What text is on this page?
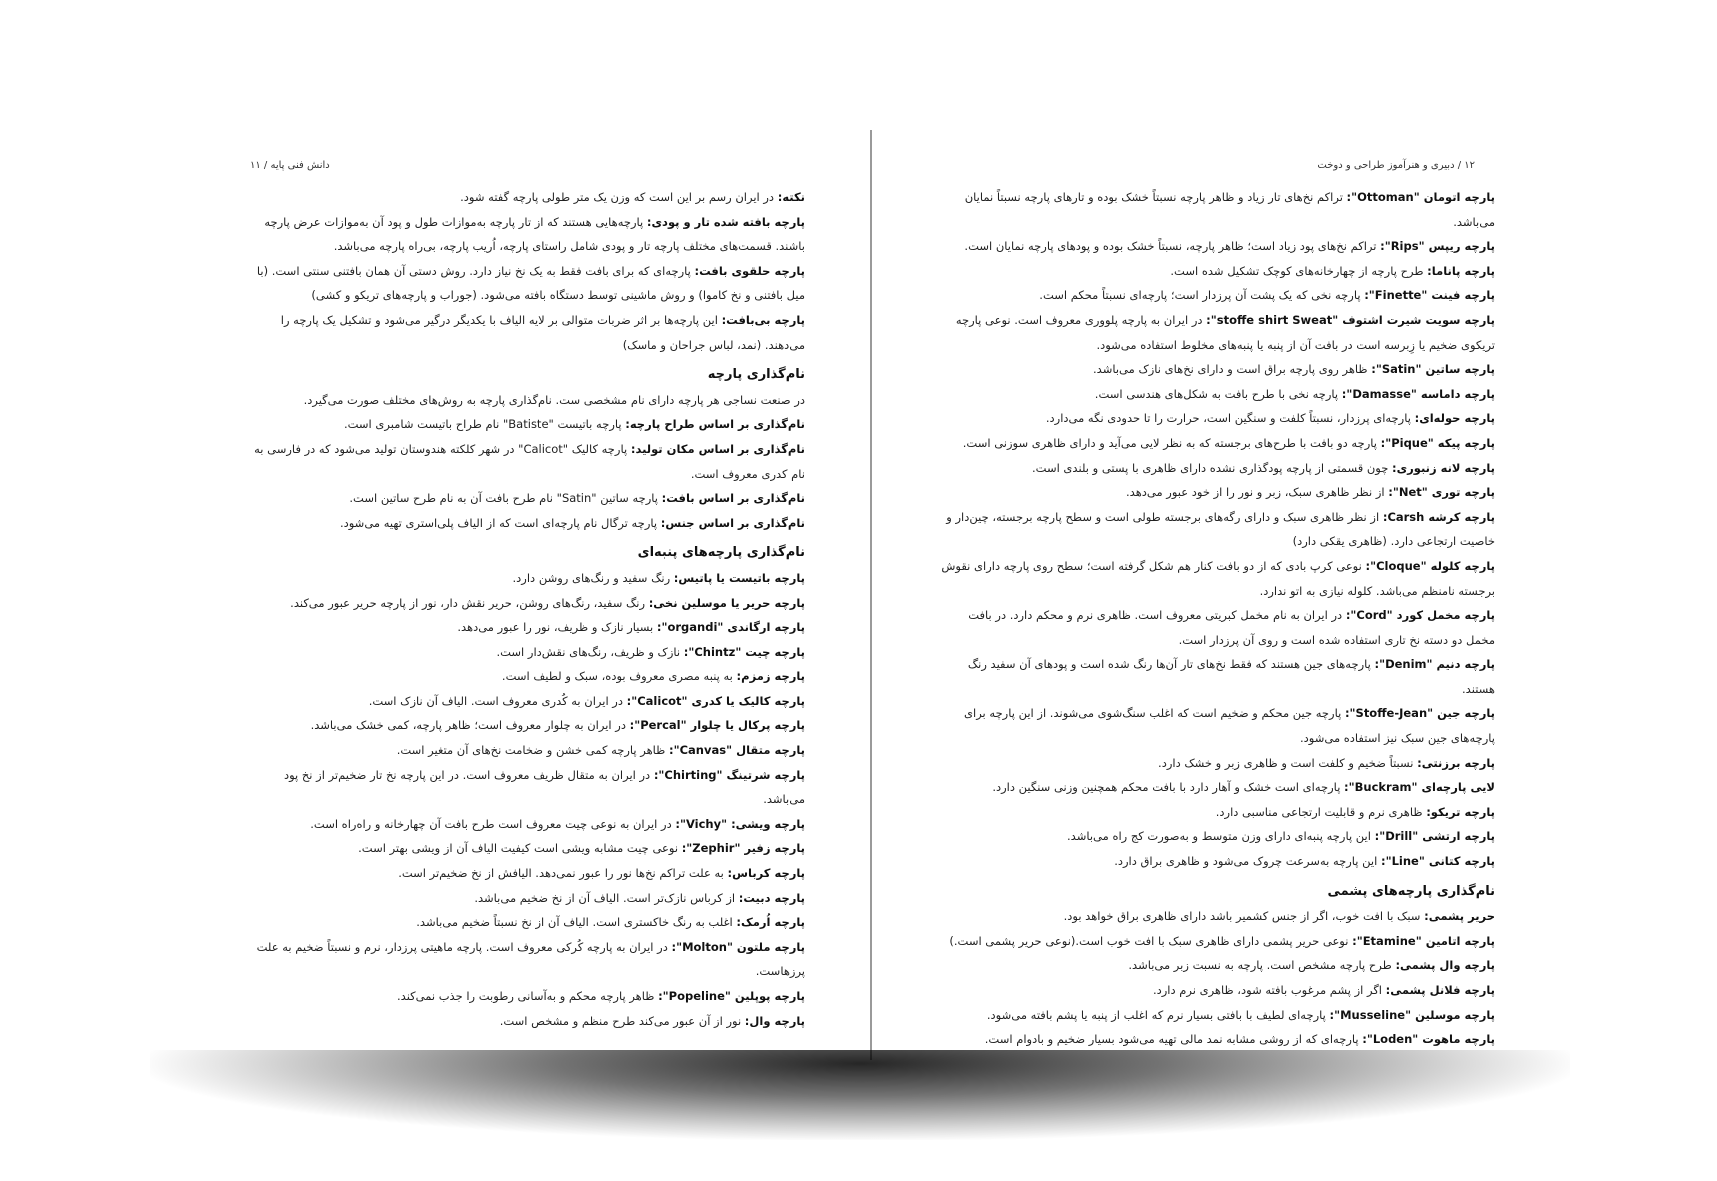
دانش فنی پایه / ۱۱
نکته: در ایران رسم بر این است که وزن یک متر طولی پارچه گفته شود.
پارچه بافته شده تار و پودی: پارچه‌هایی هستند که از تار پارچه به‌موازات طول و پود آن به‌موازات عرض پارچه باشند. قسمت‌های مختلف پارچه تار و پودی شامل راستای پارچه، اُریب پارچه، بی‌راه پارچه می‌باشد.
پارچه حلقوی بافت: پارچه‌ای که برای بافت فقط به یک نخ نیاز دارد. روش دستی آن همان بافتنی سنتی است. (با میل بافتنی و نخ کاموا) و روش ماشینی توسط دستگاه بافته می‌شود. (جوراب و پارچه‌های تریکو و کشی)
پارچه بی‌بافت: این پارچه‌ها بر اثر ضربات متوالی بر لایه الیاف با یکدیگر درگیر می‌شود و تشکیل یک پارچه را می‌دهند. (نمد، لباس جراحان و ماسک)
نام‌گذاری پارچه
در صنعت نساجی هر پارچه دارای نام مشخصی ست. نام‌گذاری پارچه به روش‌های مختلف صورت می‌گیرد.
نام‌گذاری بر اساس طراح پارچه: پارچه باتیست "Batiste" نام طراح باتیست شامبری است.
نام‌گذاری بر اساس مکان تولید: پارچه کالیک "Calicot" در شهر کلکته هندوستان تولید می‌شود که در فارسی به نام کدری معروف است.
نام‌گذاری بر اساس بافت: پارچه ساتین "Satin" نام طرح بافت آن به نام طرح ساتین است.
نام‌گذاری بر اساس جنس: پارچه ترگال نام پارچه‌ای است که از الیاف پلی‌استری تهیه می‌شود.
نام‌گذاری پارچه‌های پنبه‌ای
پارچه باتیست یا پاتیس: رنگ سفید و رنگ‌های روشن دارد.
پارچه حریر یا موسلین نخی: رنگ سفید، رنگ‌های روشن، حریر نقش دار، نور از پارچه حریر عبور می‌کند.
پارچه ارگاندی "organdi": بسیار نازک و ظریف، نور را عبور می‌دهد.
پارچه چیت "Chintz": نازک و ظریف، رنگ‌های نقش‌دار است.
پارچه زمزم: به پنبه مصری معروف بوده، سبک و لطیف است.
پارچه کالیک یا کدری "Calicot": در ایران به کُدری معروف است. الیاف آن نازک است.
پارچه پرکال یا چلوار "Percal": در ایران به چلوار معروف است؛ ظاهر پارچه، کمی خشک می‌باشد.
پارچه متقال "Canvas": ظاهر پارچه کمی خشن و ضخامت نخ‌های آن متغیر است.
پارچه شرتینگ "Chirting": در ایران به متقال ظریف معروف است. در این پارچه نخ تار ضخیم‌تر از نخ پود می‌باشد.
پارچه ویشی: "Vichy": در ایران به نوعی چیت معروف است طرح بافت آن چهارخانه و راه‌راه است.
پارچه زفیر "Zephir": نوعی چیت مشابه ویشی است کیفیت الیاف آن از ویشی بهتر است.
پارچه کرباس: به علت تراکم نخ‌ها نور را عبور نمی‌دهد. الیافش از نخ ضخیم‌تر است.
پارچه دبیت: از کرباس نازک‌تر است. الیاف آن از نخ ضخیم می‌باشد.
پارچه اُرمک: اغلب به رنگ خاکستری است. الیاف آن از نخ نسبتاً ضخیم می‌باشد.
پارچه ملتون "Molton": در ایران به پارچه کُرکی معروف است. پارچه ماهیتی پرزدار، نرم و نسبتاً ضخیم به علت پرزهاست.
پارچه پوپلین "Popeline": ظاهر پارچه محکم و به‌آسانی رطوبت را جذب نمی‌کند.
پارچه وال: نور از آن عبور می‌کند طرح منظم و مشخص است.
۱۲ / دبیری و هنرآموز طراحی و دوخت
پارچه اتومان "Ottoman": تراکم نخ‌های تار زیاد و ظاهر پارچه نسبتاً خشک بوده و تارهای پارچه نسبتاً نمایان می‌باشد.
پارچه ریپس "Rips": تراکم نخ‌های پود زیاد است؛ ظاهر پارچه، نسبتاً خشک بوده و پودهای پارچه نمایان است.
پارچه پاناما: طرح پارچه از چهارخانه‌های کوچک تشکیل شده است.
پارچه فینت "Finette": پارچه نخی که یک پشت آن پرزدار است؛ پارچه‌ای نسبتاً محکم است.
پارچه سویت شیرت اشتوف "stoffe shirt Sweat": در ایران به پارچه پلووری معروف است. نوعی پارچه تریکوی ضخیم یا زِبرسه است در بافت آن از پنبه یا پنبه‌های مخلوط استفاده می‌شود.
پارچه ساتین "Satin": ظاهر روی پارچه براق است و دارای نخ‌های نازک می‌باشد.
پارچه داماسه "Damasse": پارچه نخی با طرح بافت به شکل‌های هندسی است.
پارچه حوله‌ای: پارچه‌ای پرزدار، نسبتاً کلفت و سنگین است، حرارت را تا حدودی نگه می‌دارد.
پارچه پیکه "Pique": پارچه دو بافت با طرح‌های برجسته که به نظر لایی می‌آید و دارای ظاهری سوزنی است.
پارچه لانه زنبوری: چون قسمتی از پارچه پودگذاری نشده دارای ظاهری با پستی و بلندی است.
پارچه توری "Net": از نظر ظاهری سبک، زبر و نور را از خود عبور می‌دهد.
پارچه کرشه Carsh: از نظر ظاهری سبک و دارای رگه‌های برجسته طولی است و سطح پارچه برجسته، چین‌دار و خاصیت ارتجاعی دارد. (ظاهری یقکی دارد)
پارچه کلوله "Cloque": نوعی کرپ بادی که از دو بافت کنار هم شکل گرفته است؛ سطح روی پارچه دارای نقوش برجسته نامنظم می‌باشد. کلوله نیازی به اتو ندارد.
پارچه مخمل کورد "Cord": در ایران به نام مخمل کبریتی معروف است. ظاهری نرم و محکم دارد. در بافت مخمل دو دسته نخ تاری استفاده شده است و روی آن پرزدار است.
پارچه دنیم "Denim": پارچه‌های جین هستند که فقط نخ‌های تار آن‌ها رنگ شده است و پودهای آن سفید رنگ هستند.
پارچه جین "Stoffe-Jean": پارچه جین محکم و ضخیم است که اغلب سنگ‌شوی می‌شوند. از این پارچه برای پارچه‌های جین سبک نیز استفاده می‌شود.
پارچه برزنتی: نسبتاً ضخیم و کلفت است و ظاهری زبر و خشک دارد.
لایی پارچه‌ای "Buckram": پارچه‌ای است خشک و آهار دارد با بافت محکم همچنین وزنی سنگین دارد.
پارچه تریکو: ظاهری نرم و قابلیت ارتجاعی مناسبی دارد.
پارچه ارتشی "Drill": این پارچه پنبه‌ای دارای وزن متوسط و به‌صورت کج راه می‌باشد.
پارچه کتانی "Line": این پارچه به‌سرعت چروک می‌شود و ظاهری براق دارد.
نام‌گذاری پارچه‌های پشمی
حریر پشمی: سبک با افت خوب، اگر از جنس کشمیر باشد دارای ظاهری براق خواهد بود.
پارچه اتامین "Etamine": نوعی حریر پشمی دارای ظاهری سبک با افت خوب است.(نوعی حریر پشمی است.)
پارچه وال پشمی: طرح پارچه مشخص است. پارچه به نسبت زبر می‌باشد.
پارچه فلانل پشمی: اگر از پشم مرغوب بافته شود، ظاهری نرم دارد.
پارچه موسلین "Musseline": پارچه‌ای لطیف با بافتی بسیار نرم که اغلب از پنبه یا پشم بافته می‌شود.
پارچه ماهوت "Loden": پارچه‌ای که از روشی مشابه نمد مالی تهیه می‌شود بسیار ضخیم و بادوام است.
